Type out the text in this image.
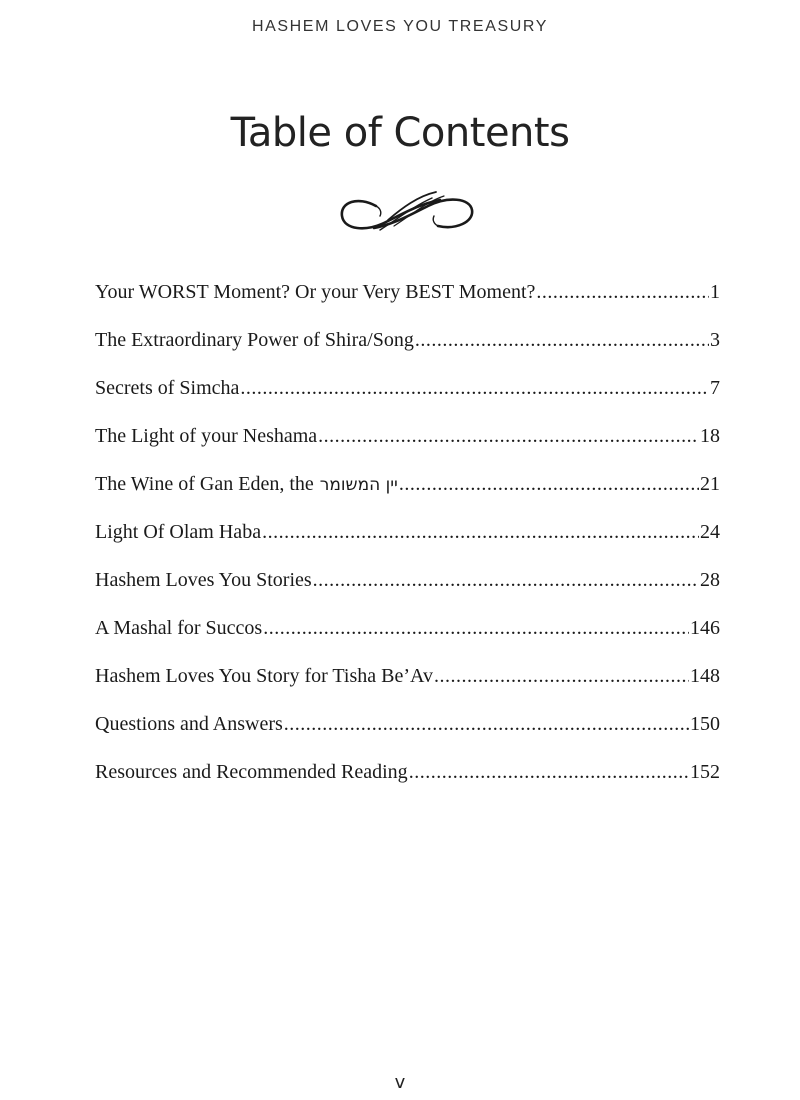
HASHEM LOVES YOU TREASURY
Table of Contents
Your WORST Moment? Or your Very BEST Moment? .....	1
The Extraordinary Power of Shira/Song .....	3
Secrets of Simcha .....	7
The Light of your Neshama .....	18
The Wine of Gan Eden, the יין המשומר .....	21
Light Of Olam Haba .....	24
Hashem Loves You Stories .....	28
A Mashal for Succos .....	146
Hashem Loves You Story for Tisha Be’Av .....	148
Questions and Answers .....	150
Resources and Recommended Reading .....	152
v
